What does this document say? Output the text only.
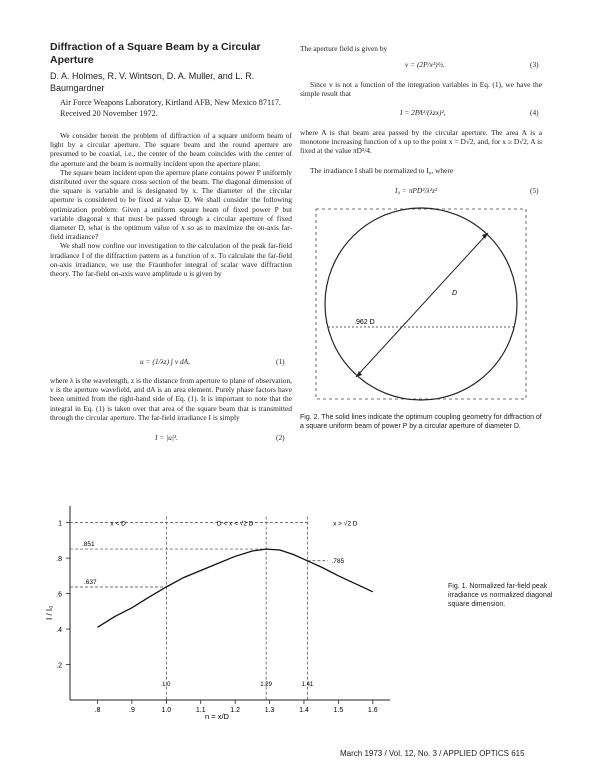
Diffraction of a Square Beam by a Circular Aperture
D. A. Holmes, R. V. Wintson, D. A. Muller, and L. R. Baumgardner
Air Force Weapons Laboratory, Kirtland AFB, New Mexico 87117.
Received 20 November 1972.

We consider herein the problem of diffraction of a square uniform beam of light by a circular aperture. The square beam and the round aperture are presumed to be coaxial, i.e., the center of the beam coincides with the center of the aperture and the beam is normally incident upon the aperture plane.

The square beam incident upon the aperture plane contains power P uniformly distributed over the square cross section of the beam. The diagonal dimension of the square is variable and is designated by x. The diameter of the circular aperture is considered to be fixed at value D. We shall consider the following optimization problem: Given a uniform square beam of fixed power P but variable diagonal x that must be passed through a circular aperture of fixed diameter D, what is the optimum value of x so as to maximize the on-axis far-field irradiance?

We shall now confine our investigation to the calculation of the peak far-field irradiance I of the diffraction pattern as a function of x. To calculate the far-field on-axis irradiance, we use the Fraunhofer integral of scalar wave diffraction theory. The far-field on-axis wave amplitude u is given by

u = (1/λz) ∫ v dA,	(1)
where λ is the wavelength, z is the distance from aperture to plane of observation, v is the aperture wavefield, and dA is an area element. Purely phase factors have been omitted from the right-hand side of Eq. (1). It is important to note that the integral in Eq. (1) is taken over that area of the square beam that is transmitted through the circular aperture. The far-field irradiance I is simply
I = |u|².	(2)
The aperture field is given by
v = (2P/x²)½.	(3)
Since v is not a function of the integration variables in Eq. (1), we have the simple result that
I = 2PA²/(λzx)²,	(4)
where A is that beam area passed by the circular aperture. The area A is a monotone increasing function of x up to the point x = D√2, and, for x ≥ D√2, A is fixed at the value πD²/4.
The irradiance I shall be normalized to I₀, where
I₀ = πPD²/λ²z²	(5)
D
.962 D
Fig. 2. The solid lines indicate the optimum coupling geometry for diffraction of a square uniform beam of power P by a circular aperture of diameter D.
.2
.4
.6
.8
1
.8	.9	1.0	1.1	1.2	1.3	1.4	1.5	1.6
1.0	1.29	1.41
.851
.637
.785
x < D	D < x < √2 D	x > √2 D
I / I₀
n = x/D
Fig. 1. Normalized far-field peak irradiance vs normalized diagonal square dimension.
March 1973 / Vol. 12, No. 3 / APPLIED OPTICS 615
